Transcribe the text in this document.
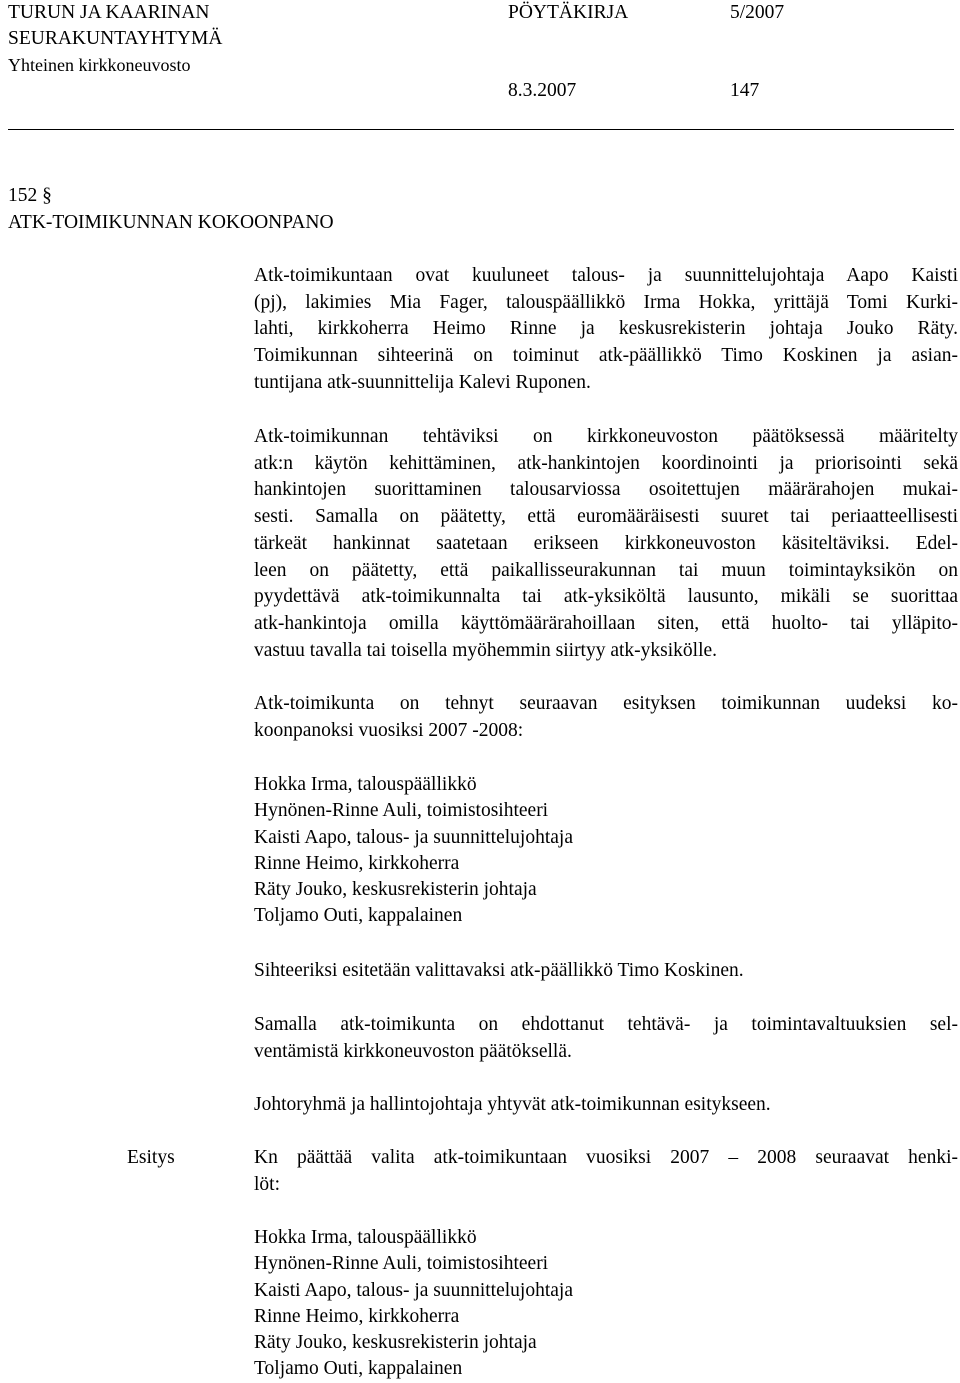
TURUN JA KAARINAN
SEURAKUNTAYHTYMÄ
Yhteinen kirkkoneuvosto
PÖYTÄKIRJA	5/2007
8.3.2007	147
152 §
ATK-TOIMIKUNNAN KOKOONPANO
Atk-toimikuntaan ovat kuuluneet talous- ja suunnittelujohtaja Aapo Kaisti
(pj), lakimies Mia Fager, talouspäällikkö Irma Hokka, yrittäjä Tomi Kurki-
lahti, kirkkoherra Heimo Rinne ja keskusrekisterin johtaja Jouko Räty.
Toimikunnan sihteerinä on toiminut atk-päällikkö Timo Koskinen ja asian-
tuntijana atk-suunnittelija Kalevi Ruponen.
Atk-toimikunnan tehtäviksi on kirkkoneuvoston päätöksessä määritelty
atk:n käytön kehittäminen, atk-hankintojen koordinointi ja priorisointi sekä
hankintojen suorittaminen talousarviossa osoitettujen määrärahojen mukai-
sesti. Samalla on päätetty, että euromääräisesti suuret tai periaatteellisesti
tärkeät hankinnat saatetaan erikseen kirkkoneuvoston käsiteltäviksi. Edel-
leen on päätetty, että paikallisseurakunnan tai muun toimintayksikön on
pyydettävä atk-toimikunnalta tai atk-yksiköltä lausunto, mikäli se suorittaa
atk-hankintoja omilla käyttömäärärahoillaan siten, että huolto- tai ylläpito-
vastuu tavalla tai toisella myöhemmin siirtyy atk-yksikölle.
Atk-toimikunta on tehnyt seuraavan esityksen toimikunnan uudeksi ko-
koonpanoksi vuosiksi 2007 -2008:
Hokka Irma, talouspäällikkö
Hynönen-Rinne Auli, toimistosihteeri
Kaisti Aapo, talous- ja suunnittelujohtaja
Rinne Heimo, kirkkoherra
Räty Jouko, keskusrekisterin johtaja
Toljamo Outi, kappalainen
Sihteeriksi esitetään valittavaksi atk-päällikkö Timo Koskinen.
Samalla atk-toimikunta on ehdottanut tehtävä- ja toimintavaltuuksien sel-
ventämistä kirkkoneuvoston päätöksellä.
Johtoryhmä ja hallintojohtaja yhtyvät atk-toimikunnan esitykseen.
Esitys	Kn päättää valita atk-toimikuntaan vuosiksi 2007 – 2008 seuraavat henki-
löt:
Hokka Irma, talouspäällikkö
Hynönen-Rinne Auli, toimistosihteeri
Kaisti Aapo, talous- ja suunnittelujohtaja
Rinne Heimo, kirkkoherra
Räty Jouko, keskusrekisterin johtaja
Toljamo Outi, kappalainen
